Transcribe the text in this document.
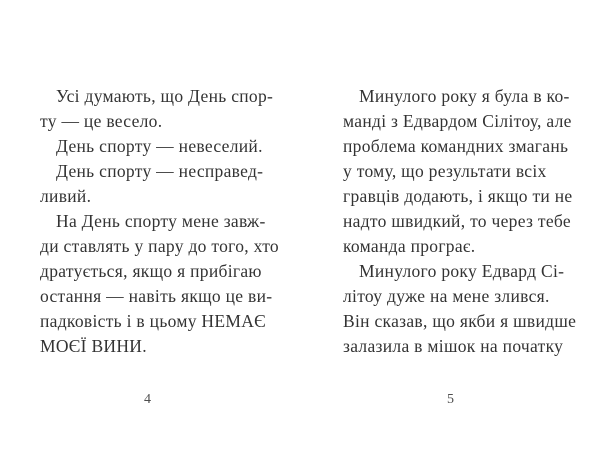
Усі думають, що День спор-
ту — це весело.
День спорту — невеселий.
День спорту — несправед-
ливий.
На День спорту мене завж-
ди ставлять у пару до того, хто
дратується, якщо я прибігаю
остання — навіть якщо це ви-
падковість і в цьому НЕМАЄ
МОЄЇ ВИНИ.
Минулого року я була в ко-
манді з Едвардом Сілітоу, але
проблема командних змагань
у тому, що результати всіх
гравців додають, і якщо ти не
надто швидкий, то через тебе
команда програє.
Минулого року Едвард Сі-
літоу дуже на мене злився.
Він сказав, що якби я швидше
залазила в мішок на початку
4	5
